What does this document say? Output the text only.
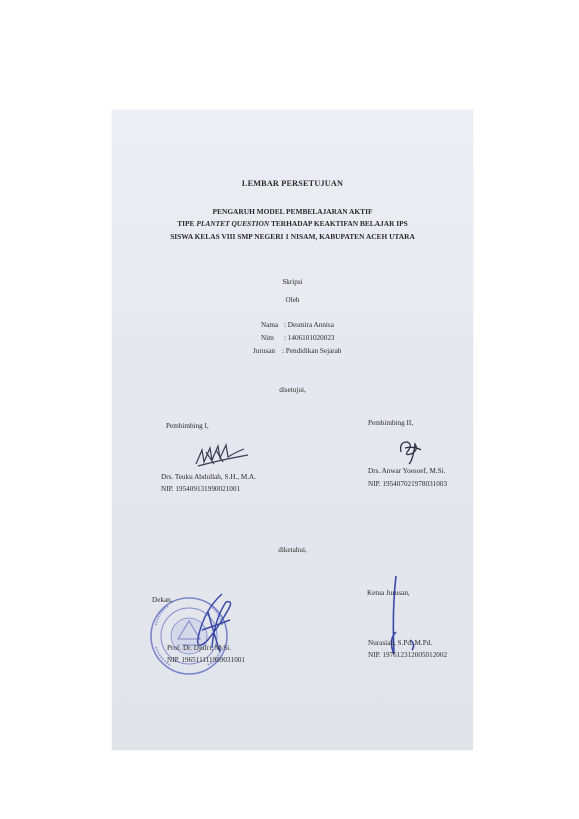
LEMBAR PERSETUJUAN
PENGARUH MODEL PEMBELAJARAN AKTIF
TIPE PLANTET QUESTION TERHADAP KEAKTIFAN BELAJAR IPS
SISWA KELAS VIII SMP NEGERI 1 NISAM, KABUPATEN ACEH UTARA
Skripsi
Oleh
Nama : Desmira Annisa
Nim : 1406101020023
Jurusan : Pendidikan Sejarah
disetujui,
Pembimbing I,
Drs. Teuku Abdullah, S.H., M.A.
NIP. 195409131990021001
Pembimbing II,
Drs. Anwar Yoesoef, M.Si.
NIP. 195407021978031003
diketahui,
Dekan,
Prof. Dr. Djufri, M.Si.
NIP. 196511111989031001
Ketua Jurusan,
Nurasiah, S.Pd.,M.Pd.
NIP. 197612312005012002
